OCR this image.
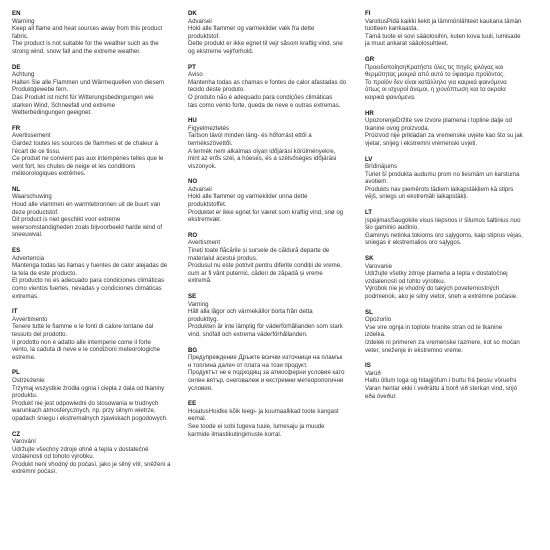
EN

Warning

Keep all flame and heat sources away from this product

fabric.

The product is not suitable for the weather such as the

strong wind, snow fall and the extreme weather.

DE

Achtung

Halten Sie alle Flammen und Wärmequellen von diesem

Produktgewebe fern.

Das Produkt ist nicht für Witterungsbedingungen wie

starken Wind, Schneefall und extreme

Wetterbedingungen geeignet.

FR

Avertissement

Gardez toutes les sources de flammes et de chaleur à

l'écart de ce tissu.

Ce produit ne convient pas aux intempéries telles que le

vent fort, les chutes de neige et les conditions

météorologiques extrêmes.

NL

Waarschuwing

Houd alle vlammen en warmtebronnen uit de buurt van

deze productstof.

Dit product is niet geschikt voor extreme

weersomstandigheden zoals bijvoorbeeld harde wind of

sneeuwval.

ES

Advertencia

Mantenga todas las llamas y fuentes de calor alejadas de

la tela de este producto.

El producto no es adecuado para condiciones climáticas

como vientos fuertes, nevadas y condiciones climáticas

extremas.

IT

Avvertimento

Tenere tutte le fiamme e le fonti di calore lontane dal

tessuto del prodotto.

Il prodotto non è adatto alle intemperie come il forte

vento, la caduta di neve e le condizioni meteorologiche

estreme.

PL

Ostrzeżenie

Trzymaj wszystkie źródła ognia i ciepła z dala od tkaniny

produktu.

Produkt nie jest odpowiedni do stosowania w trudnych

warunkach atmosferycznych, np. przy silnym wietrze,

opadach śniegu i ekstremalnych zjawiskach pogodowych.

CZ

Varování

Udržujte všechny zdroje ohně a tepla v dostatečné

vzdálenosti od tohoto výrobku.

Produkt není vhodný do počasí, jako je silný vítr, sněžení a

extrémní počasí.

DK

Advarsel

Hold alle flammer og varmekilder væk fra dette

produktstof.

Dette produkt er ikke egnet til vejr såsom kraftig vind, sne

og ekstreme vejrforhold.

PT

Aviso

Mantenha todas as chamas e fontes de calor afastadas do

tecido deste produto.

O produto não é adequado para condições climáticas

tais como vento forte, queda de neve e outras extremas.

HU

Figyelmeztetés

Tartson távol minden láng- és hőforrást ettől a

termékszövettől.

A termék nem alkalmas olyan időjárási körülményekre,

mint az erős szél, a hóesés, és a szélsőséges időjárási

viszonyok.

NO

Advarsel

Hold alle flammer og varmekilder unna dette

produktstoffet.

Produktet er ikke egnet for været som kraftig vind, snø og

ekstremvær.

RO

Avertisment

Țineți toate flăcările și sursele de căldură departe de

materialul acestui produs.

Produsul nu este potrivit pentru diferite condiții de vreme,

cum ar fi vânt puternic, căderi de zăpadă și vreme

extremă.

SE

Varning

Håll alla lågor och värmekällor borta från detta

produkttyg.

Produkten är inte lämplig för väderförhållanden som stark

vind, snöfall och extrema väderförhållanden.

BG

Предупреждение Дръжте всички източници на пламък

и топлина далеч от плата на този продукт.

Продуктът не е подходящ за атмосферни условия като

силен вятър, снеговалеж и екстремни метеорологични

условия.

EE

HoiatusHoidke kõik leegi- ja kuumaallikad toote kangast

eemal.

See toode ei sobi tugeva tuule, lumesaju ja muude

karmide ilmastikutingimuste korral.

FI

VaroitusPidä kaikki liekit ja lämmönlähteet kaukana tämän

tuotteen kankaasta.

Tämä tuote ei sovi sääolosihin, kuten kova tuuli, lumisade

ja muut ankarat sääolosuhteet.

GR

ΠροειδοποίησηΚρατήστε όλες τις πηγές φλόγας και

θερμότητας μακριά από αυτό το ύφασμα προϊόντος.

Το προϊόν δεν είναι κατάλληλο για καιρικά φαινόμενα

όπως οι ισχυροί άνεμοι, η χιονόπτωση και τα ακραία

καιρικά φαινόμενα.

HR

UpozorenjeDržite sve izvore plamena i topline dalje od

tkanine ovog proizvoda.

Proizvod nije prikladan za vremenske uvjete kao što su jak

vjetar, snijeg i ekstremni vremenski uvjeti.

LV

Brīdinājums

Turiet šī produkta audumu prom no liesmām un karstuma

avotiem.

Produkts nav piemērots tādiem laikapstākļiem kā stiprs

vējš, sniegs un ekstremāli laikapstākļi.

LT

ĮspėjimasSaugokite visus liepsnos ir šilumos šaltinius nuo

šio gaminio audinio.

Gaminys netinka tokioms oro sąlygoms, kaip stiprus vėjas,

sniegas ir ekstremalios oro sąlygos.

SK

Varovanie

Udržujte všetky zdroje plameňa a tepla v dostatočnej

vzdialenosti od tohto výrobku.

Výrobok nie je vhodný do takých poveternostných

podmienok, ako je silný vietor, sneh a extrémne počasie.

SL

Opozorilo

Vse vire ognja in toplote hranite stran od te tkanine

izdelka.

Izdelek ni primeren za vremenske razmere, kot so močan

veter, sneženje in ekstremno vreme.

IS

Varúð

Haltu öllum loga og hitagjöfum í burtu frá þessu vöruefni

Varan hentar ekki í veðráttu á borð við sterkan vind, snjó

eða óveður.
